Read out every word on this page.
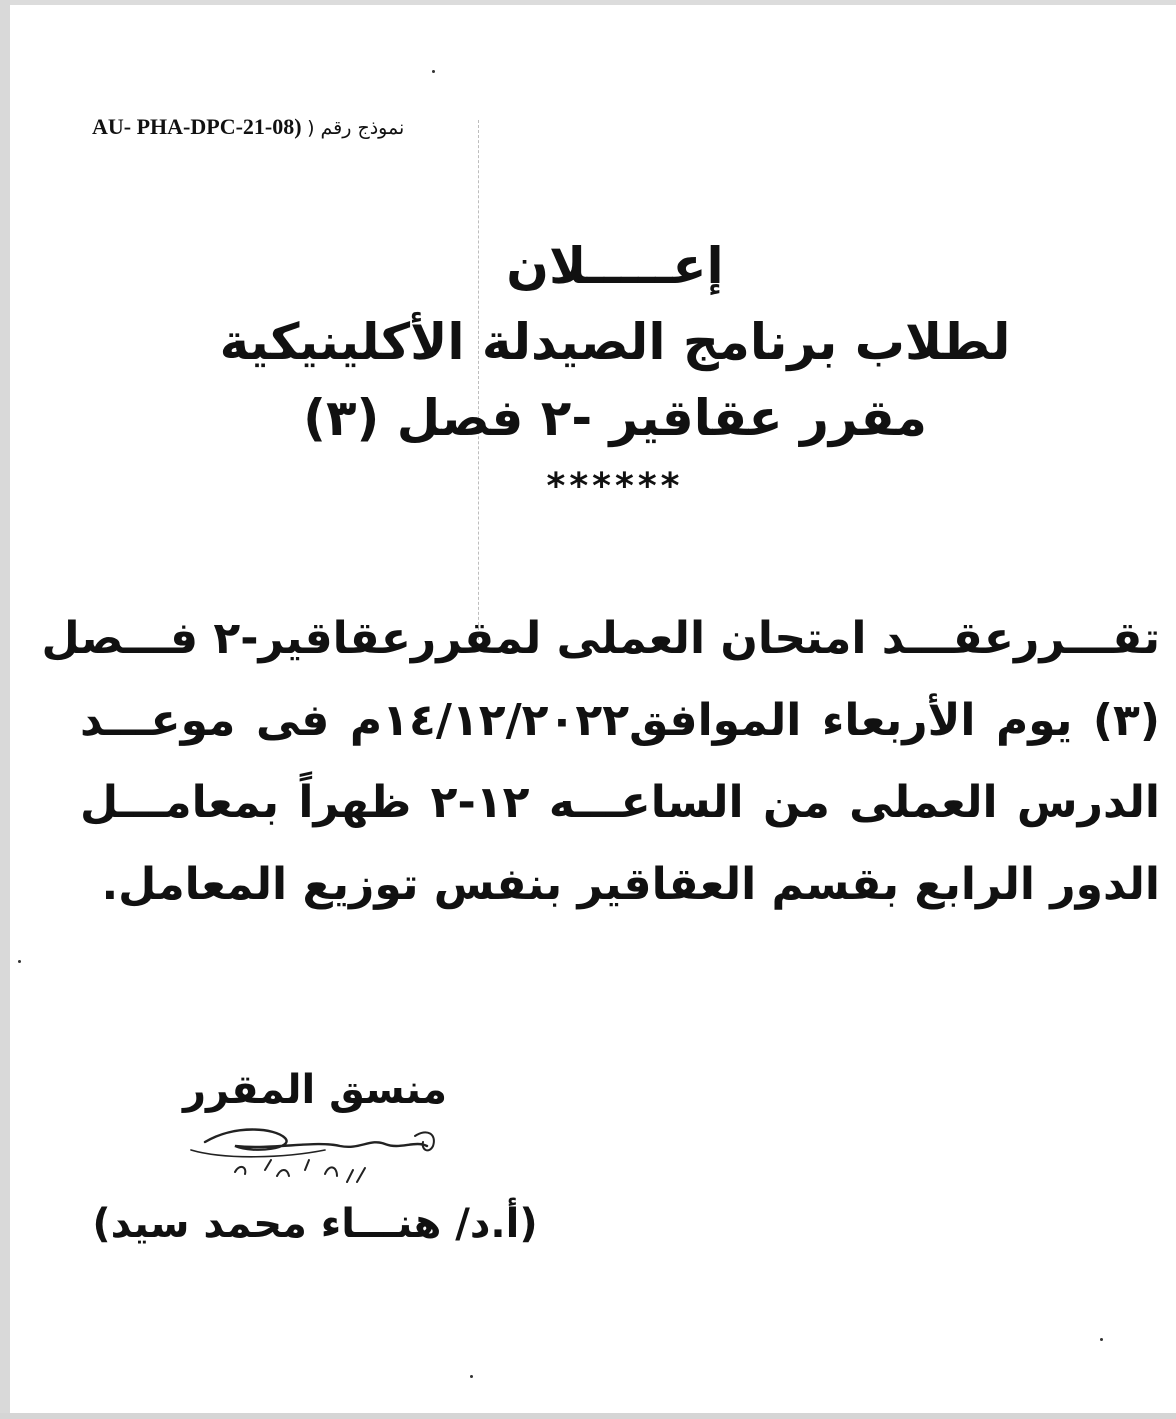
AU- PHA-DPC-21-08) نموذج رقم (
إعـــــلان
لطلاب برنامج الصيدلة الأكلينيكية
مقرر عقاقير -٢ فصل (٣)
******
تقـــررعقـــد امتحان العملى لمقررعقاقير-٢ فـــصل
(٣) يوم الأربعاء الموافق١٤/١٢/٢٠٢٢م فى موعـــد
الدرس العملى من الساعـــه ١٢-٢ ظهراً بمعامـــل
الدور الرابع بقسم العقاقير بنفس توزيع المعامل.
منسق المقرر
(أ.د/ هنـــاء محمد سيد)
